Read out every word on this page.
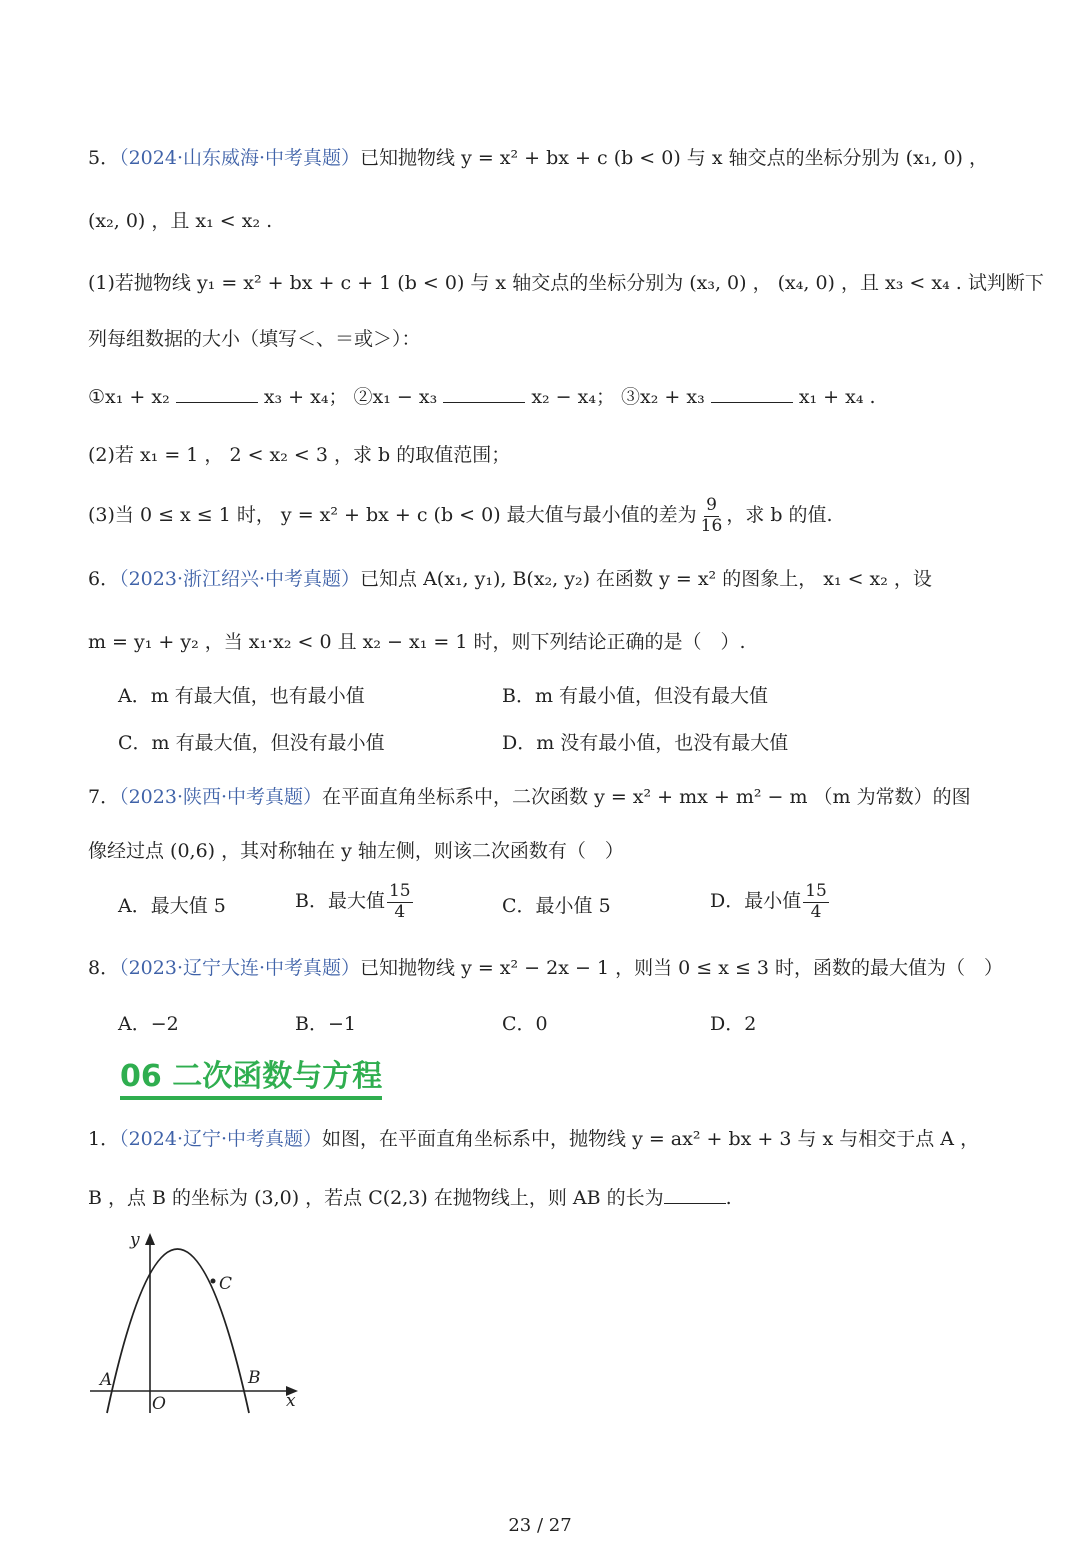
5．（2024·山东威海·中考真题）已知抛物线 y = x² + bx + c (b < 0) 与 x 轴交点的坐标分别为 (x₁, 0) ，
(x₂, 0) ，且 x₁ < x₂ .
(1)若抛物线 y₁ = x² + bx + c + 1 (b < 0) 与 x 轴交点的坐标分别为 (x₃, 0) ， (x₄, 0) ，且 x₃ < x₄ . 试判断下
列每组数据的大小（填写＜、＝或＞）：
①x₁ + x₂	x₃ + x₄； ②x₁ − x₃	x₂ − x₄； ③x₂ + x₃	x₁ + x₄ .
(2)若 x₁ = 1 ， 2 < x₂ < 3 ，求 b 的取值范围；
(3)当 0 ≤ x ≤ 1 时， y = x² + bx + c (b < 0) 最大值与最小值的差为 $\frac{9}{16}$ ，求 b 的值.
6．（2023·浙江绍兴·中考真题）已知点 A(x₁, y₁), B(x₂, y₂) 在函数 y = x² 的图象上， x₁ < x₂ ，设
m = y₁ + y₂ ，当 x₁·x₂ < 0 且 x₂ − x₁ = 1 时，则下列结论正确的是（　）.
A．m 有最大值，也有最小值	B．m 有最小值，但没有最大值
C．m 有最大值，但没有最小值	D．m 没有最小值，也没有最大值
7．（2023·陕西·中考真题）在平面直角坐标系中，二次函数 y = x² + mx + m² − m （m 为常数）的图
像经过点 (0,6) ，其对称轴在 y 轴左侧，则该二次函数有（　）
A．最大值 5	B．最大值 $\frac{15}{4}$	C．最小值 5	D．最小值 $\frac{15}{4}$
8．（2023·辽宁大连·中考真题）已知抛物线 y = x² − 2x − 1 ，则当 0 ≤ x ≤ 3 时，函数的最大值为（　）
A．−2	B．−1	C．0	D．2
06 二次函数与方程
1．（2024·辽宁·中考真题）如图，在平面直角坐标系中，抛物线 y = ax² + bx + 3 与 x 与相交于点 A ，
B ，点 B 的坐标为 (3,0) ，若点 C(2,3) 在抛物线上，则 AB 的长为	.
y
x
O
A	B
C
23 / 27
